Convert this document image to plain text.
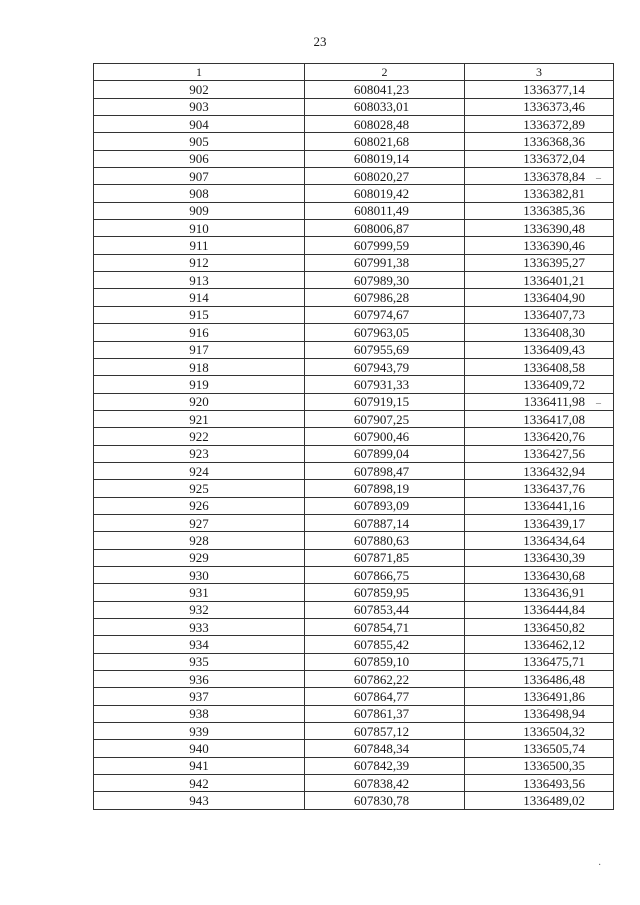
23
1	2	3
902	608041,23	1336377,14
903	608033,01	1336373,46
904	608028,48	1336372,89
905	608021,68	1336368,36
906	608019,14	1336372,04
907	608020,27	1336378,84
908	608019,42	1336382,81
909	608011,49	1336385,36
910	608006,87	1336390,48
911	607999,59	1336390,46
912	607991,38	1336395,27
913	607989,30	1336401,21
914	607986,28	1336404,90
915	607974,67	1336407,73
916	607963,05	1336408,30
917	607955,69	1336409,43
918	607943,79	1336408,58
919	607931,33	1336409,72
920	607919,15	1336411,98
921	607907,25	1336417,08
922	607900,46	1336420,76
923	607899,04	1336427,56
924	607898,47	1336432,94
925	607898,19	1336437,76
926	607893,09	1336441,16
927	607887,14	1336439,17
928	607880,63	1336434,64
929	607871,85	1336430,39
930	607866,75	1336430,68
931	607859,95	1336436,91
932	607853,44	1336444,84
933	607854,71	1336450,82
934	607855,42	1336462,12
935	607859,10	1336475,71
936	607862,22	1336486,48
937	607864,77	1336491,86
938	607861,37	1336498,94
939	607857,12	1336504,32
940	607848,34	1336505,74
941	607842,39	1336500,35
942	607838,42	1336493,56
943	607830,78	1336489,02
‒
‒
·
